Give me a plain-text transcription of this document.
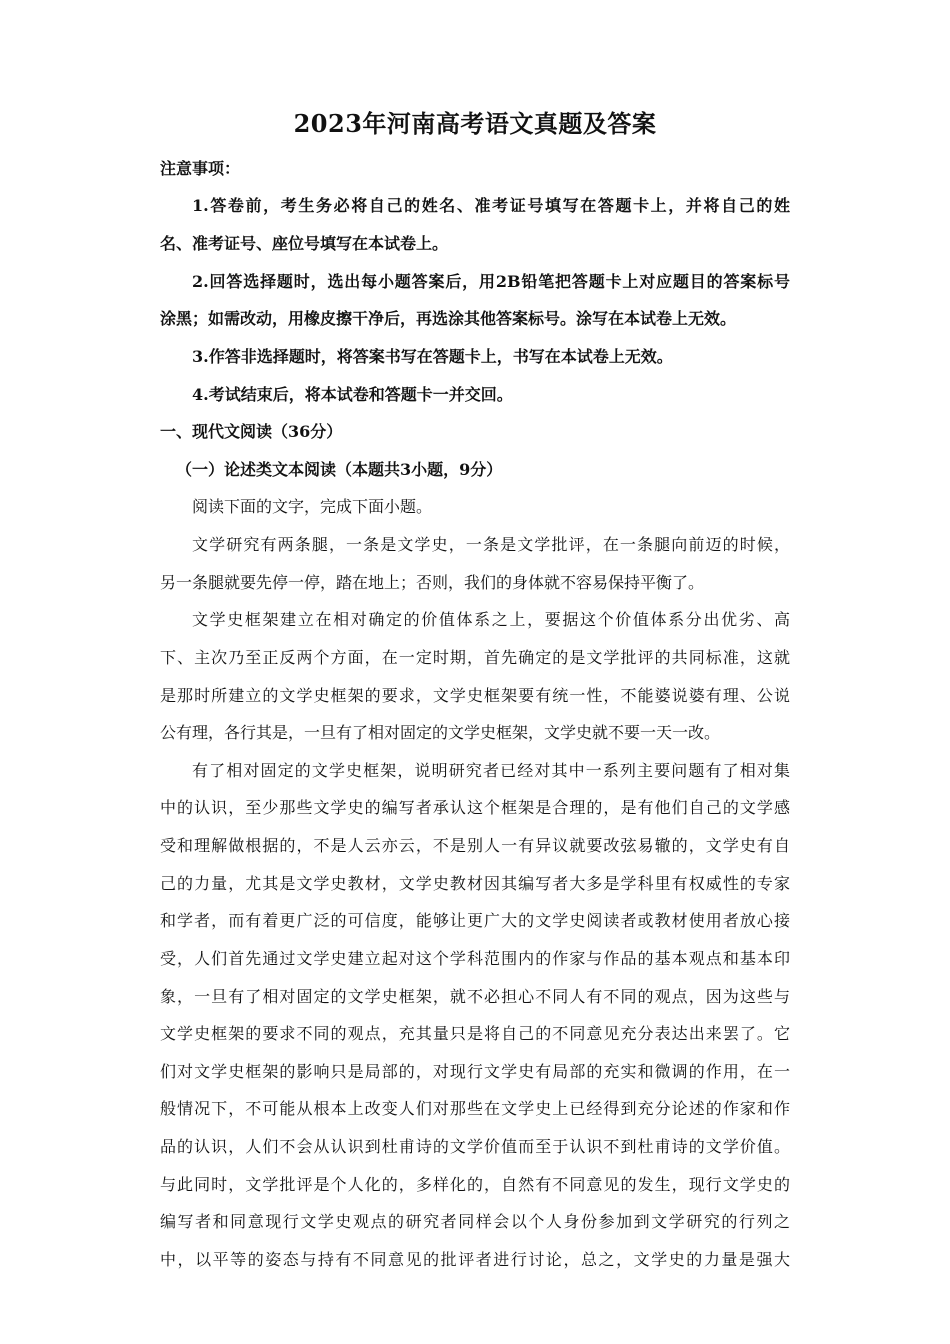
2023年河南高考语文真题及答案
注意事项：
1.答卷前，考生务必将自己的姓名、准考证号填写在答题卡上，并将自己的姓
名、准考证号、座位号填写在本试卷上。
2.回答选择题时，选出每小题答案后，用2B铅笔把答题卡上对应题目的答案标号
涂黑；如需改动，用橡皮擦干净后，再选涂其他答案标号。涂写在本试卷上无效。
3.作答非选择题时，将答案书写在答题卡上，书写在本试卷上无效。
4.考试结束后，将本试卷和答题卡一并交回。
一、现代文阅读（36分）
（一）论述类文本阅读（本题共3小题，9分）
阅读下面的文字，完成下面小题。
文学研究有两条腿，一条是文学史，一条是文学批评，在一条腿向前迈的时候，
另一条腿就要先停一停，踏在地上；否则，我们的身体就不容易保持平衡了。
文学史框架建立在相对确定的价值体系之上，要据这个价值体系分出优劣、高
下、主次乃至正反两个方面，在一定时期，首先确定的是文学批评的共同标准，这就
是那时所建立的文学史框架的要求，文学史框架要有统一性，不能婆说婆有理、公说
公有理，各行其是，一旦有了相对固定的文学史框架，文学史就不要一天一改。
有了相对固定的文学史框架，说明研究者已经对其中一系列主要问题有了相对集
中的认识，至少那些文学史的编写者承认这个框架是合理的，是有他们自己的文学感
受和理解做根据的，不是人云亦云，不是别人一有异议就要改弦易辙的，文学史有自
己的力量，尤其是文学史教材，文学史教材因其编写者大多是学科里有权威性的专家
和学者，而有着更广泛的可信度，能够让更广大的文学史阅读者或教材使用者放心接
受，人们首先通过文学史建立起对这个学科范围内的作家与作品的基本观点和基本印
象，一旦有了相对固定的文学史框架，就不必担心不同人有不同的观点，因为这些与
文学史框架的要求不同的观点，充其量只是将自己的不同意见充分表达出来罢了。它
们对文学史框架的影响只是局部的，对现行文学史有局部的充实和微调的作用，在一
般情况下，不可能从根本上改变人们对那些在文学史上已经得到充分论述的作家和作
品的认识，人们不会从认识到杜甫诗的文学价值而至于认识不到杜甫诗的文学价值。
与此同时，文学批评是个人化的，多样化的，自然有不同意见的发生，现行文学史的
编写者和同意现行文学史观点的研究者同样会以个人身份参加到文学研究的行列之
中，以平等的姿态与持有不同意见的批评者进行讨论，总之，文学史的力量是强大
